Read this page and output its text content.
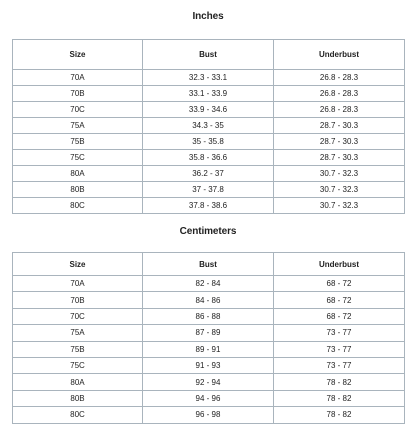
Inches
Size	Bust	Underbust
70A	32.3 - 33.1	26.8 - 28.3
70B	33.1 - 33.9	26.8 - 28.3
70C	33.9 - 34.6	26.8 - 28.3
75A	34.3 - 35	28.7 - 30.3
75B	35 - 35.8	28.7 - 30.3
75C	35.8 - 36.6	28.7 - 30.3
80A	36.2 - 37	30.7 - 32.3
80B	37 - 37.8	30.7 - 32.3
80C	37.8 - 38.6	30.7 - 32.3
Centimeters
Size	Bust	Underbust
70A	82 - 84	68 - 72
70B	84 - 86	68 - 72
70C	86 - 88	68 - 72
75A	87 - 89	73 - 77
75B	89 - 91	73 - 77
75C	91 - 93	73 - 77
80A	92 - 94	78 - 82
80B	94 - 96	78 - 82
80C	96 - 98	78 - 82
